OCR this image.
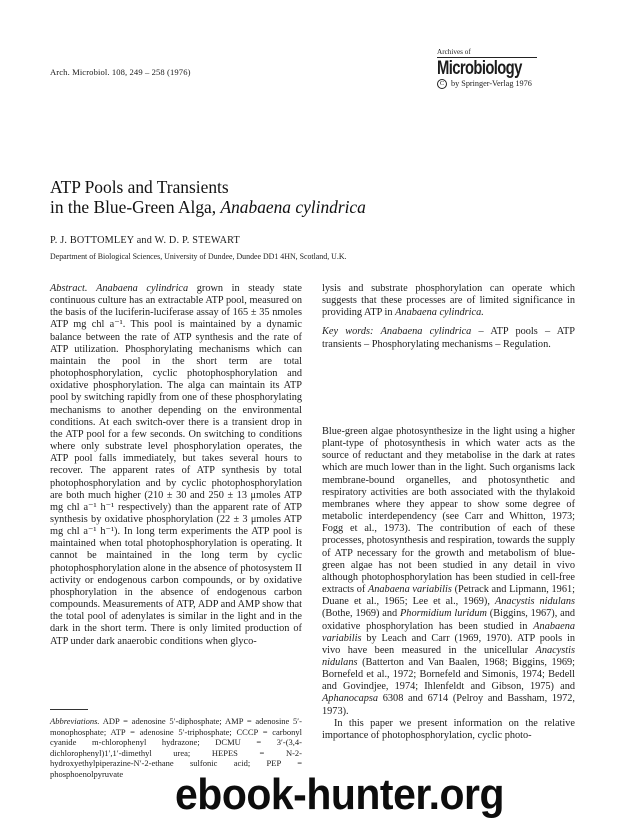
Arch. Microbiol. 108, 249 – 258 (1976)
Archives of
Microbiology
C by Springer-Verlag 1976
ATP Pools and Transients
in the Blue-Green Alga, Anabaena cylindrica
P. J. BOTTOMLEY and W. D. P. STEWART
Department of Biological Sciences, University of Dundee, Dundee DD1 4HN, Scotland, U.K.

Abstract. Anabaena cylindrica grown in steady state continuous culture has an extractable ATP pool, measured on the basis of the luciferin-luciferase assay of 165 ± 35 nmoles ATP mg chl a⁻¹. This pool is maintained by a dynamic balance between the rate of ATP synthesis and the rate of ATP utilization. Phosphorylating mechanisms which can maintain the pool in the short term are total photophosphorylation, cyclic photophosphorylation and oxidative phosphorylation. The alga can maintain its ATP pool by switching rapidly from one of these phosphorylating mechanisms to another depending on the environmental conditions. At each switch-over there is a transient drop in the ATP pool for a few seconds. On switching to conditions where only substrate level phosphorylation operates, the ATP pool falls immediately, but takes several hours to recover. The apparent rates of ATP synthesis by total photophosphorylation and by cyclic photophosphorylation are both much higher (210 ± 30 and 250 ± 13 μmoles ATP mg chl a⁻¹ h⁻¹ respectively) than the apparent rate of ATP synthesis by oxidative phosphorylation (22 ± 3 μmoles ATP mg chl a⁻¹ h⁻¹). In long term experiments the ATP pool is maintained when total photophosphorylation is operating. It cannot be maintained in the long term by cyclic photophosphorylation alone in the absence of photosystem II activity or endogenous carbon compounds, or by oxidative phosphorylation in the absence of endogenous carbon compounds. Measurements of ATP, ADP and AMP show that the total pool of adenylates is similar in the light and in the dark in the short term. There is only limited production of ATP under dark anaerobic conditions when glyco-

lysis and substrate phosphorylation can operate which suggests that these processes are of limited significance in providing ATP in Anabaena cylindrica.

Key words: Anabaena cylindrica – ATP pools – ATP transients – Phosphorylating mechanisms – Regulation.

Blue-green algae photosynthesize in the light using a higher plant-type of photosynthesis in which water acts as the source of reductant and they metabolise in the dark at rates which are much lower than in the light. Such organisms lack membrane-bound organelles, and photosynthetic and respiratory activities are both associated with the thylakoid membranes where they appear to show some degree of metabolic interdependency (see Carr and Whitton, 1973; Fogg et al., 1973). The contribution of each of these processes, photosynthesis and respiration, towards the supply of ATP necessary for the growth and metabolism of blue-green algae has not been studied in any detail in vivo although photophosphorylation has been studied in cell-free extracts of Anabaena variabilis (Petrack and Lipmann, 1961; Duane et al., 1965; Lee et al., 1969), Anacystis nidulans (Bothe, 1969) and Phormidium luridum (Biggins, 1967), and oxidative phosphorylation has been studied in Anabaena variabilis by Leach and Carr (1969, 1970). ATP pools in vivo have been measured in the unicellular Anacystis nidulans (Batterton and Van Baalen, 1968; Biggins, 1969; Bornefeld et al., 1972; Bornefeld and Simonis, 1974; Bedell and Govindjee, 1974; Ihlenfeldt and Gibson, 1975) and Aphanocapsa 6308 and 6714 (Pelroy and Bassham, 1972, 1973).

In this paper we present information on the relative importance of photophosphorylation, cyclic photo-

Abbreviations. ADP = adenosine 5′-diphosphate; AMP = adenosine 5′-monophosphate; ATP = adenosine 5′-triphosphate; CCCP = carbonyl cyanide m-chlorophenyl hydrazone; DCMU = 3′-(3,4-dichlorophenyl)1′,1′-dimethyl urea; HEPES = N-2-hydroxyethylpiperazine-N′-2-ethane sulfonic acid; PEP = phosphoenolpyruvate	ebook-hunter.org
